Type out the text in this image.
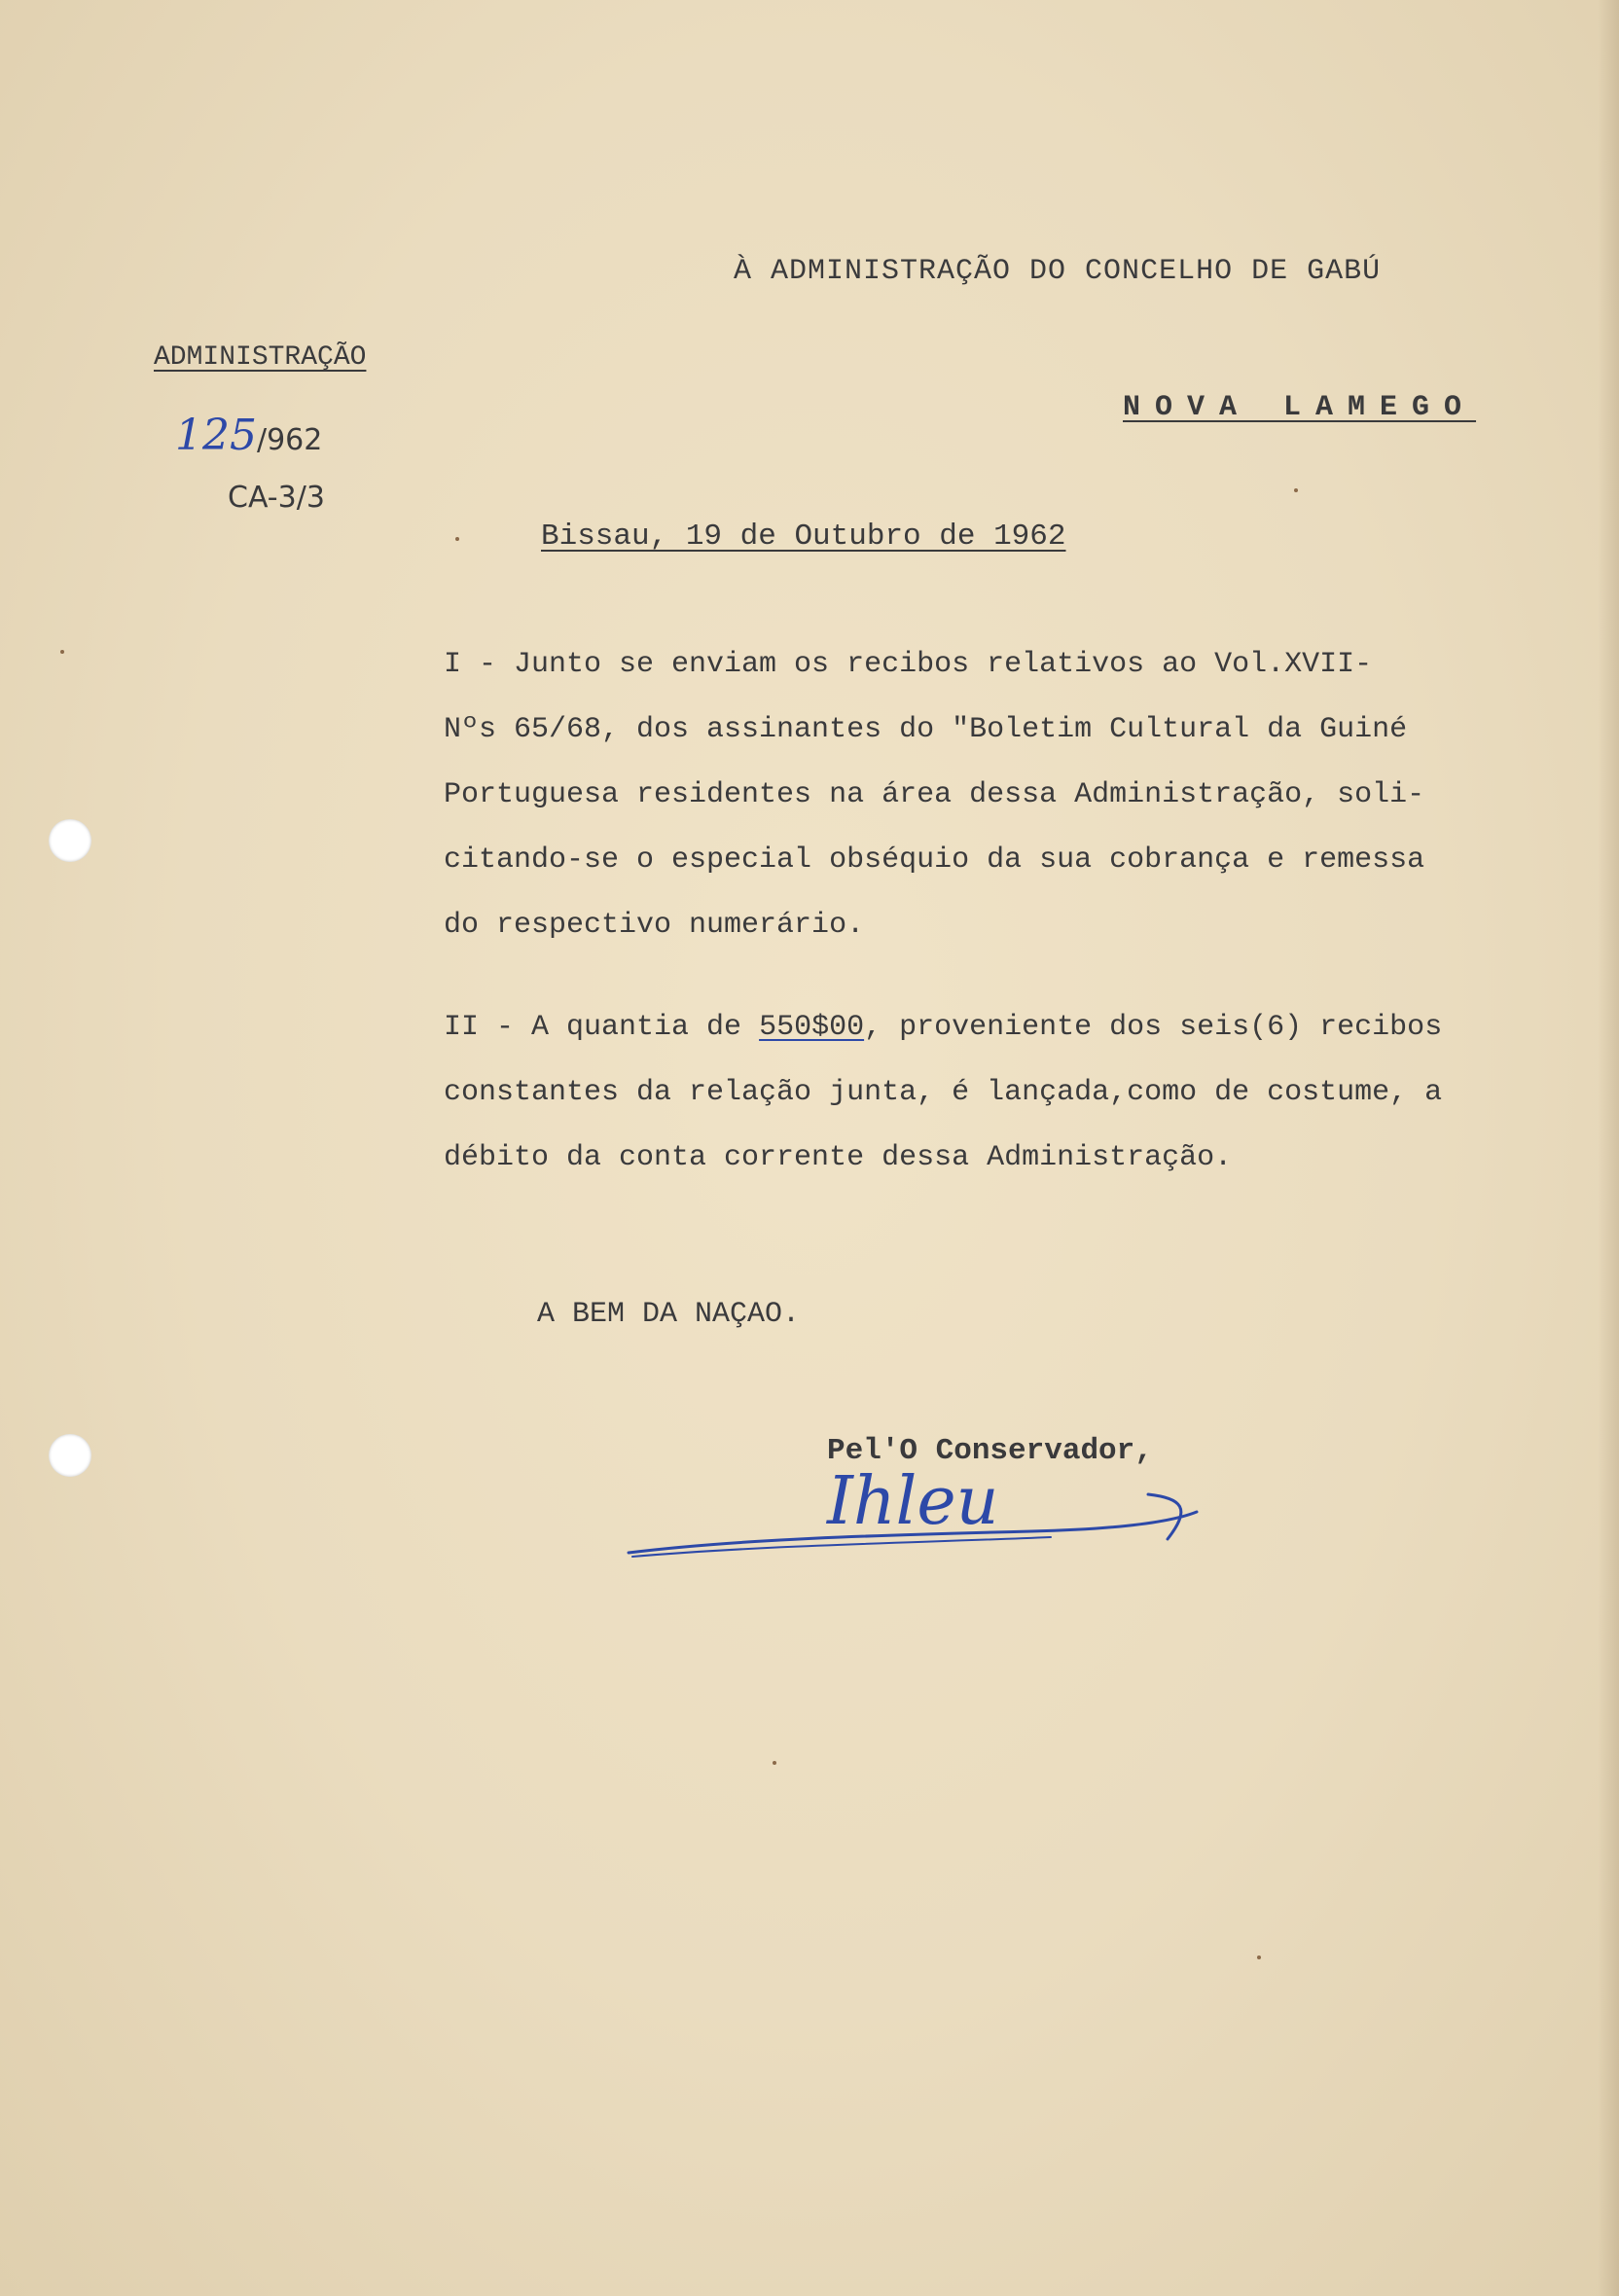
À ADMINISTRAÇÃO DO CONCELHO DE GABÚ

ADMINISTRAÇÃO

NOVA LAMEGO

125/962

CA-3/3

Bissau, 19 de Outubro de 1962

I - Junto se enviam os recibos relativos ao Vol.XVII-
Nºs 65/68, dos assinantes do "Boletim Cultural da Guiné
Portuguesa residentes na área dessa Administração, soli-
citando-se o especial obséquio da sua cobrança e remessa
do respectivo numerário.
II - A quantia de 550$00, proveniente dos seis(6) recibos
constantes da relação junta, é lançada,como de costume, a
débito da conta corrente dessa Administração.

A BEM DA NAÇAO.

Pel'O Conservador,

Ihleu
